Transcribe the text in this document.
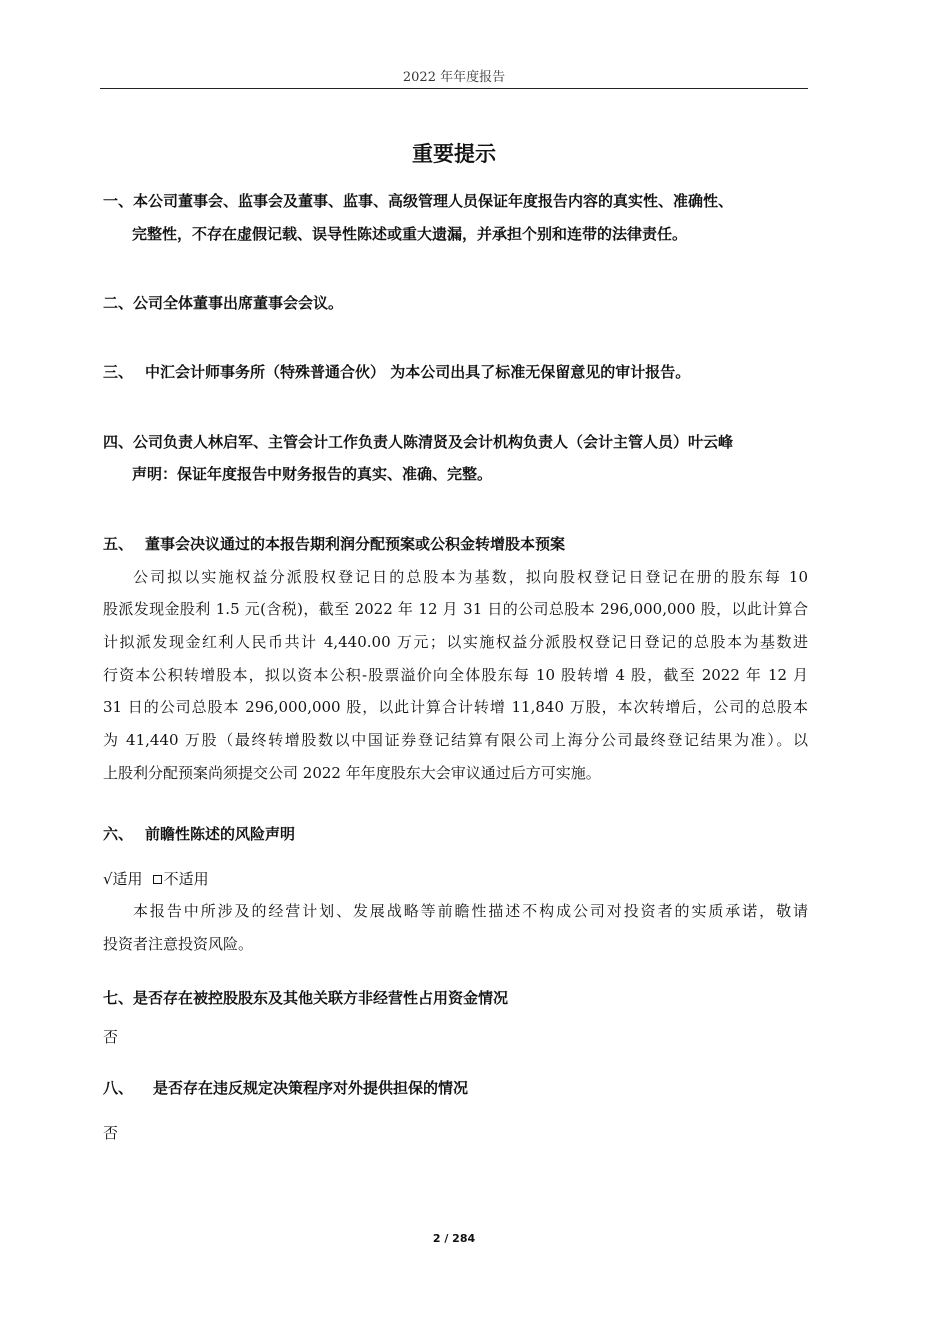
2022 年年度报告
重要提示
一、本公司董事会、监事会及董事、监事、高级管理人员保证年度报告内容的真实性、准确性、
完整性，不存在虚假记载、误导性陈述或重大遗漏，并承担个别和连带的法律责任。
二、公司全体董事出席董事会会议。
三、 中汇会计师事务所（特殊普通合伙） 为本公司出具了标准无保留意见的审计报告。
四、公司负责人林启军、主管会计工作负责人陈清贤及会计机构负责人（会计主管人员）叶云峰
声明：保证年度报告中财务报告的真实、准确、完整。
五、 董事会决议通过的本报告期利润分配预案或公积金转增股本预案
公司拟以实施权益分派股权登记日的总股本为基数，拟向股权登记日登记在册的股东每 10
股派发现金股利 1.5 元(含税)，截至 2022 年 12 月 31 日的公司总股本 296,000,000 股，以此计算合
计拟派发现金红利人民币共计 4,440.00 万元；以实施权益分派股权登记日登记的总股本为基数进
行资本公积转增股本，拟以资本公积-股票溢价向全体股东每 10 股转增 4 股，截至 2022 年 12 月
31 日的公司总股本 296,000,000 股，以此计算合计转增 11,840 万股，本次转增后，公司的总股本
为 41,440 万股（最终转增股数以中国证券登记结算有限公司上海分公司最终登记结果为准）。以
上股利分配预案尚须提交公司 2022 年年度股东大会审议通过后方可实施。
六、 前瞻性陈述的风险声明
√适用 不适用
本报告中所涉及的经营计划、发展战略等前瞻性描述不构成公司对投资者的实质承诺，敬请
投资者注意投资风险。
七、是否存在被控股股东及其他关联方非经营性占用资金情况
否
八、 是否存在违反规定决策程序对外提供担保的情况
否
2 / 284
